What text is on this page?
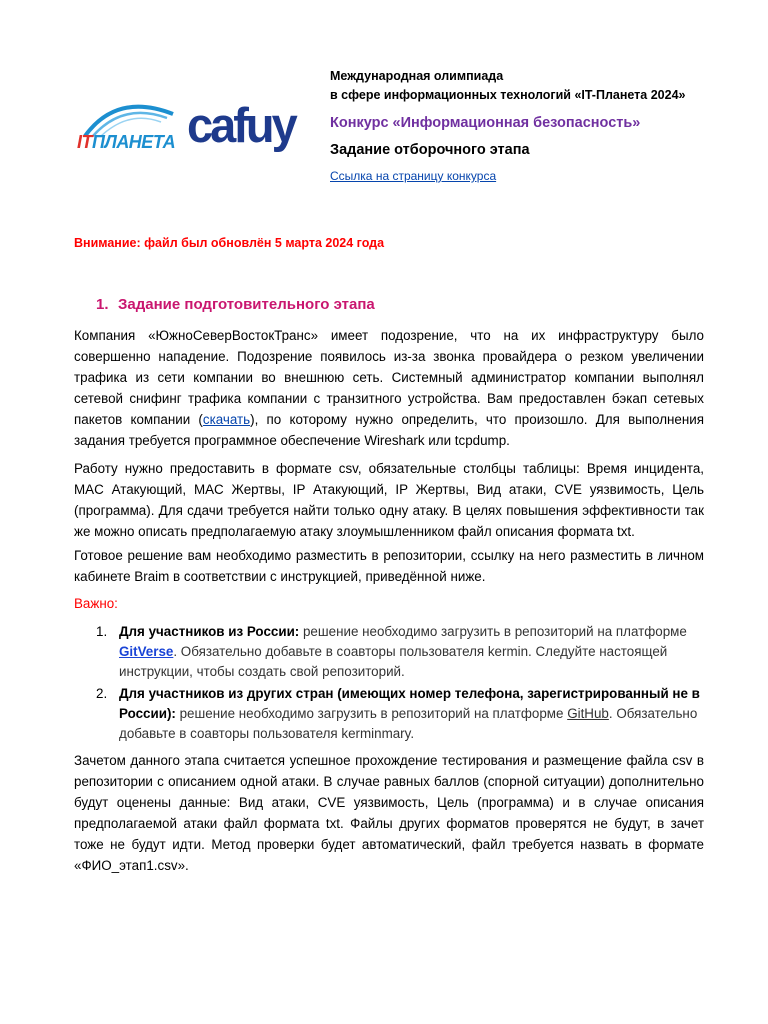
ITПЛАНЕТА cafuy
Международная олимпиада
в сфере информационных технологий «IT-Планета 2024»
Конкурс «Информационная безопасность»
Задание отборочного этапа
Ссылка на страницу конкурса
Внимание: файл был обновлён 5 марта 2024 года
1. Задание подготовительного этапа
Компания «ЮжноСеверВостокТранс» имеет подозрение, что на их инфраструктуру было совершенно нападение. Подозрение появилось из-за звонка провайдера о резком увеличении трафика из сети компании во внешнюю сеть. Системный администратор компании выполнял сетевой снифинг трафика компании с транзитного устройства. Вам предоставлен бэкап сетевых пакетов компании (скачать), по которому нужно определить, что произошло. Для выполнения задания требуется программное обеспечение Wireshark или tcpdump.
Работу нужно предоставить в формате csv, обязательные столбцы таблицы: Время инцидента, MAC Атакующий, MAC Жертвы, IP Атакующий, IP Жертвы, Вид атаки, CVE уязвимость, Цель (программа). Для сдачи требуется найти только одну атаку. В целях повышения эффективности так же можно описать предполагаемую атаку злоумышленником файл описания формата txt.
Готовое решение вам необходимо разместить в репозитории, ссылку на него разместить в личном кабинете Braim в соответствии с инструкцией, приведённой ниже.
Важно:
1. Для участников из России: решение необходимо загрузить в репозиторий на платформе GitVerse. Обязательно добавьте в соавторы пользователя kermin. Следуйте настоящей инструкции, чтобы создать свой репозиторий.
2. Для участников из других стран (имеющих номер телефона, зарегистрированный не в России): решение необходимо загрузить в репозиторий на платформе GitHub. Обязательно добавьте в соавторы пользователя kerminmary.
Зачетом данного этапа считается успешное прохождение тестирования и размещение файла csv в репозитории с описанием одной атаки. В случае равных баллов (спорной ситуации) дополнительно будут оценены данные: Вид атаки, CVE уязвимость, Цель (программа) и в случае описания предполагаемой атаки файл формата txt. Файлы других форматов проверятся не будут, в зачет тоже не будут идти. Метод проверки будет автоматический, файл требуется назвать в формате «ФИО_этап1.csv».
